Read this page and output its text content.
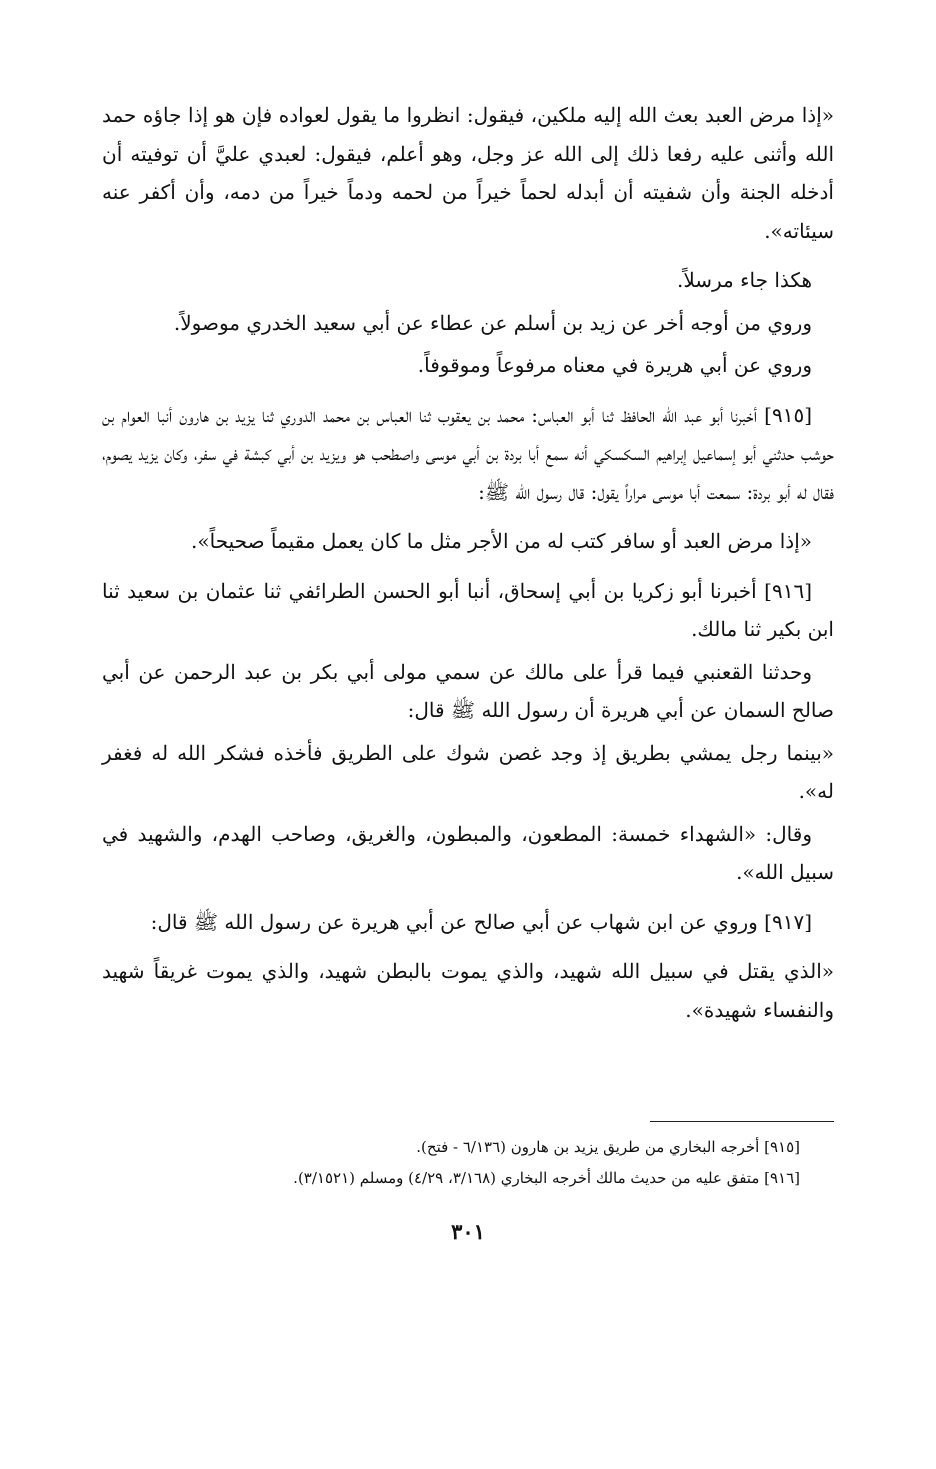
«إذا مرض العبد بعث الله إليه ملكين، فيقول: انظروا ما يقول لعواده فإن هو إذا جاؤه حمد الله وأثنى عليه رفعا ذلك إلى الله عز وجل، وهو أعلم، فيقول: لعبدي عليَّ أن توفيته أن أدخله الجنة وأن شفيته أن أبدله لحماً خيراً من لحمه ودماً خيراً من دمه، وأن أكفر عنه سيئاته».

هكذا جاء مرسلاً.

وروي من أوجه أخر عن زيد بن أسلم عن عطاء عن أبي سعيد الخدري موصولاً.

وروي عن أبي هريرة في معناه مرفوعاً وموقوفاً.

[٩١٥] أخبرنا أبو عبد الله الحافظ ثنا أبو العباس: محمد بن يعقوب ثنا العباس بن محمد الدوري ثنا يزيد بن هارون أنبا العوام بن حوشب حدثني أبو إسماعيل إبراهيم السكسكي أنه سمع أبا بردة بن أبي موسى واصطحب هو ويزيد بن أبي كبشة في سفر، وكان يزيد يصوم، فقال له أبو بردة: سمعت أبا موسى مراراً يقول: قال رسول الله ﷺ:

«إذا مرض العبد أو سافر كتب له من الأجر مثل ما كان يعمل مقيماً صحيحاً».

[٩١٦] أخبرنا أبو زكريا بن أبي إسحاق، أنبا أبو الحسن الطرائفي ثنا عثمان بن سعيد ثنا ابن بكير ثنا مالك.

وحدثنا القعنبي فيما قرأ على مالك عن سمي مولى أبي بكر بن عبد الرحمن عن أبي صالح السمان عن أبي هريرة أن رسول الله ﷺ قال:

«بينما رجل يمشي بطريق إذ وجد غصن شوك على الطريق فأخذه فشكر الله له فغفر له».

وقال: «الشهداء خمسة: المطعون، والمبطون، والغريق، وصاحب الهدم، والشهيد في سبيل الله».

[٩١٧] وروي عن ابن شهاب عن أبي صالح عن أبي هريرة عن رسول الله ﷺ قال:

«الذي يقتل في سبيل الله شهيد، والذي يموت بالبطن شهيد، والذي يموت غريقاً شهيد والنفساء شهيدة».

[٩١٥] أخرجه البخاري من طريق يزيد بن هارون (٦/١٣٦ - فتح).

[٩١٦] متفق عليه من حديث مالك أخرجه البخاري (٣/١٦٨، ٤/٢٩) ومسلم (٣/١٥٢١).

٣٠١
